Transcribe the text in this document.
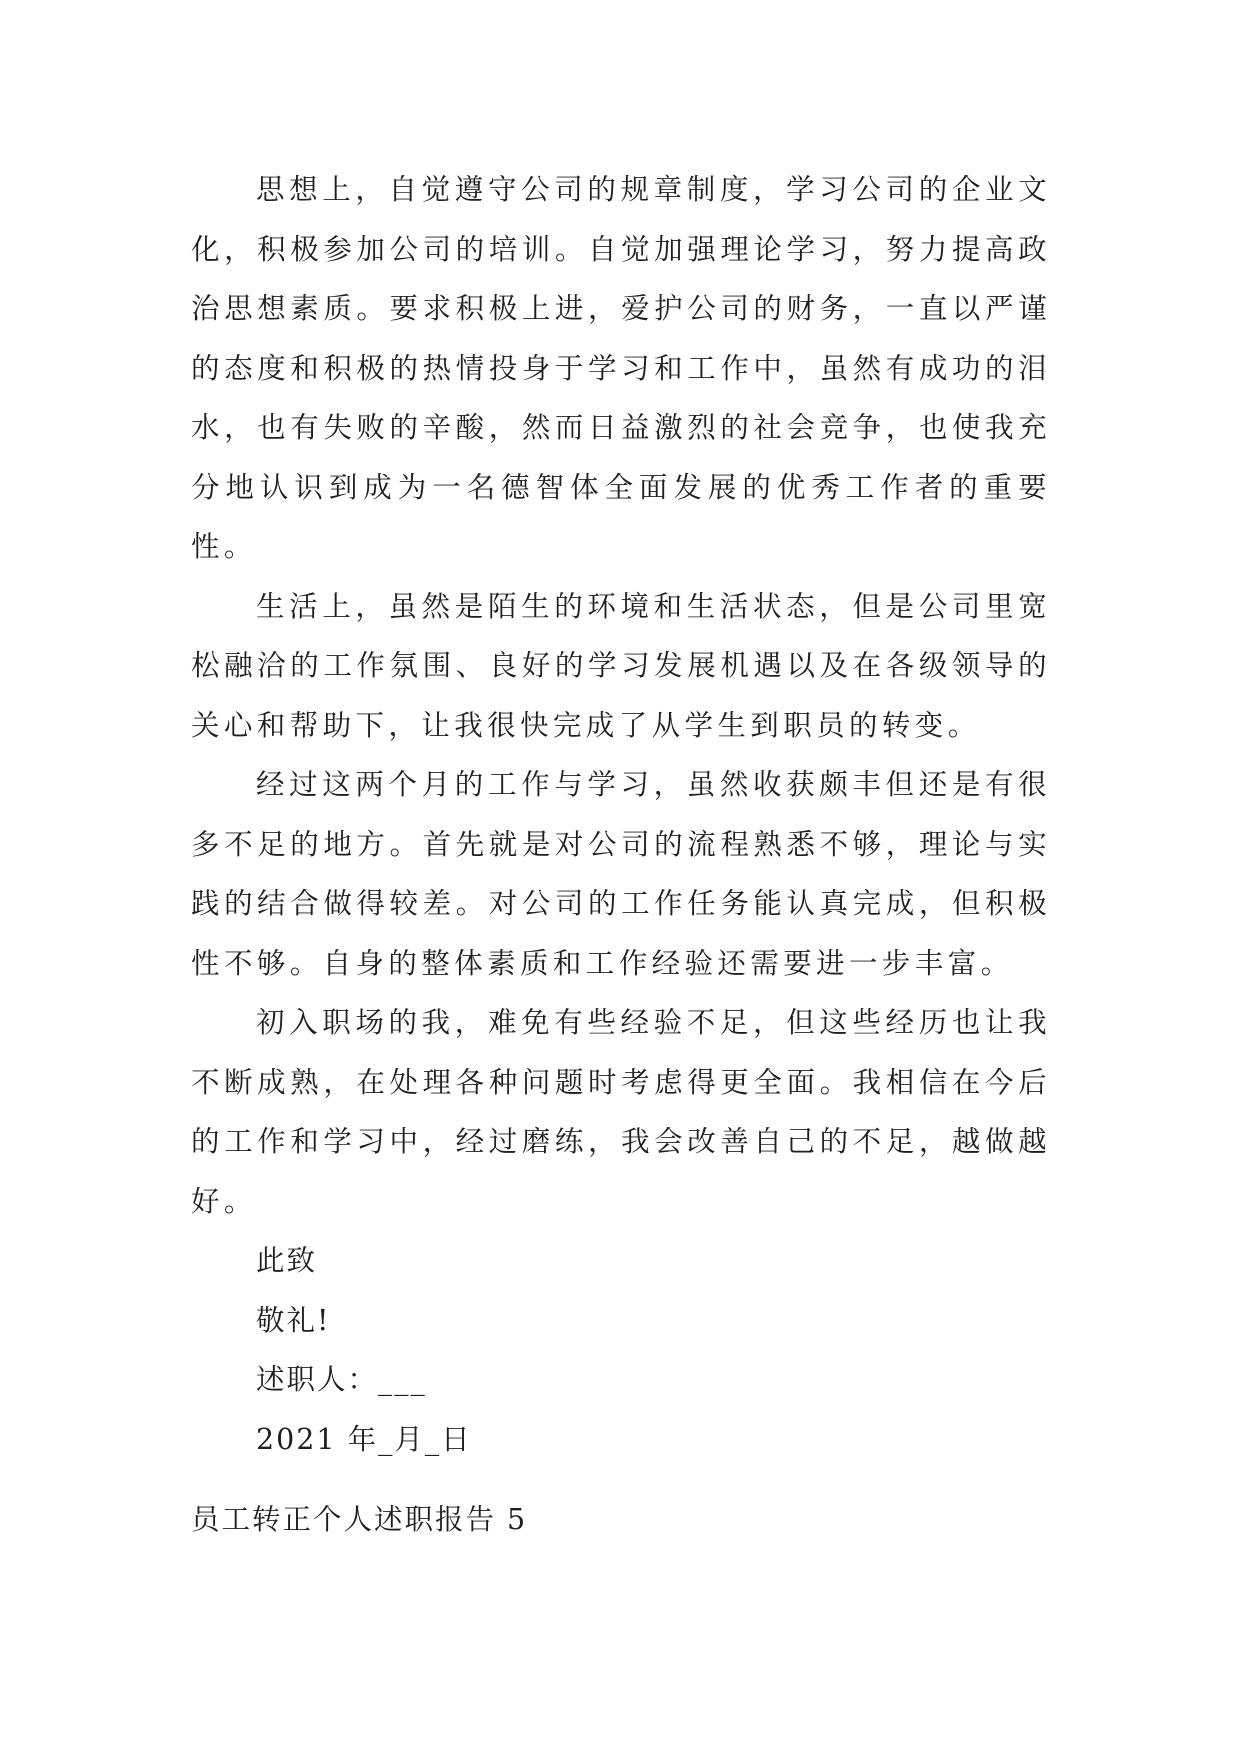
思想上，自觉遵守公司的规章制度，学习公司的企业文化，积极参加公司的培训。自觉加强理论学习，努力提高政治思想素质。要求积极上进，爱护公司的财务，一直以严谨的态度和积极的热情投身于学习和工作中，虽然有成功的泪水，也有失败的辛酸，然而日益激烈的社会竞争，也使我充分地认识到成为一名德智体全面发展的优秀工作者的重要性。

生活上，虽然是陌生的环境和生活状态，但是公司里宽松融洽的工作氛围、良好的学习发展机遇以及在各级领导的关心和帮助下，让我很快完成了从学生到职员的转变。

经过这两个月的工作与学习，虽然收获颇丰但还是有很多不足的地方。首先就是对公司的流程熟悉不够，理论与实践的结合做得较差。对公司的工作任务能认真完成，但积极性不够。自身的整体素质和工作经验还需要进一步丰富。

初入职场的我，难免有些经验不足，但这些经历也让我不断成熟，在处理各种问题时考虑得更全面。我相信在今后的工作和学习中，经过磨练，我会改善自己的不足，越做越好。

此致

敬礼!

述职人：___

2021 年_月_日

员工转正个人述职报告 5
